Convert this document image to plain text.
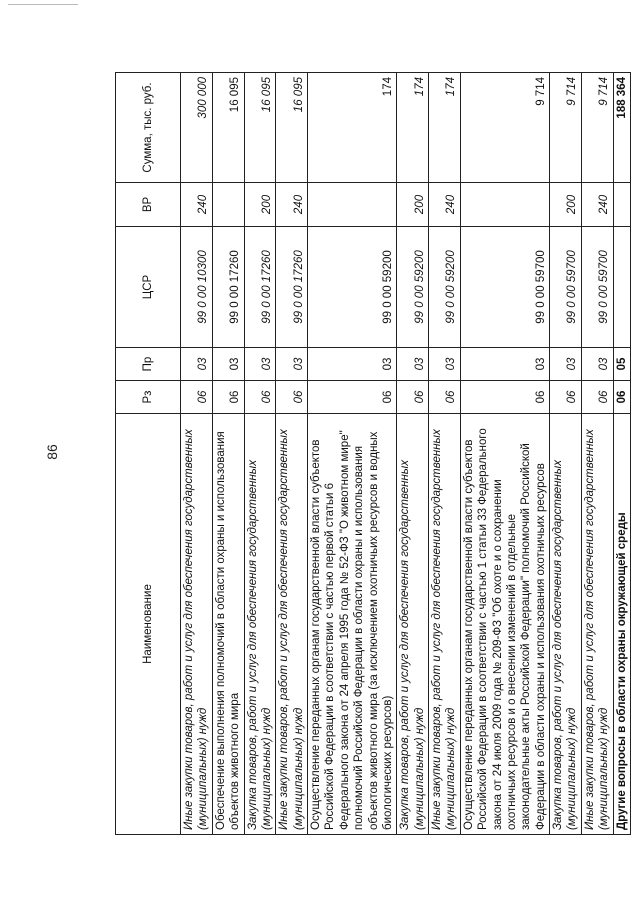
86
Наименование	Рз	Пр	ЦСР	ВР	Сумма, тыс. руб.
Иные закупки товаров, работ и услуг для обеспечения государственных (муниципальных) нужд	06	03	99 0 00 10300	240	300 000
Обеспечение выполнения полномочий в области охраны и использования объектов животного мира	06	03	99 0 00 17260		16 095
Закупка товаров, работ и услуг для обеспечения государственных (муниципальных) нужд	06	03	99 0 00 17260	200	16 095
Иные закупки товаров, работ и услуг для обеспечения государственных (муниципальных) нужд	06	03	99 0 00 17260	240	16 095
Осуществление переданных органам государственной власти субъектов Российской Федерации в соответствии с частью первой статьи 6 Федерального закона от 24 апреля 1995 года № 52-ФЗ "О животном мире" полномочий Российской Федерации в области охраны и использования объектов животного мира (за исключением охотничьих ресурсов и водных биологических ресурсов)	06	03	99 0 00 59200		174
Закупка товаров, работ и услуг для обеспечения государственных (муниципальных) нужд	06	03	99 0 00 59200	200	174
Иные закупки товаров, работ и услуг для обеспечения государственных (муниципальных) нужд	06	03	99 0 00 59200	240	174
Осуществление переданных органам государственной власти субъектов Российской Федерации в соответствии с частью 1 статьи 33 Федерального закона от 24 июля 2009 года № 209-ФЗ "Об охоте и о сохранении охотничьих ресурсов и о внесении изменений в отдельные законодательные акты Российской Федерации" полномочий Российской Федерации в области охраны и использования охотничьих ресурсов	06	03	99 0 00 59700		9 714
Закупка товаров, работ и услуг для обеспечения государственных (муниципальных) нужд	06	03	99 0 00 59700	200	9 714
Иные закупки товаров, работ и услуг для обеспечения государственных (муниципальных) нужд	06	03	99 0 00 59700	240	9 714
Другие вопросы в области охраны окружающей среды	06	05			188 364
